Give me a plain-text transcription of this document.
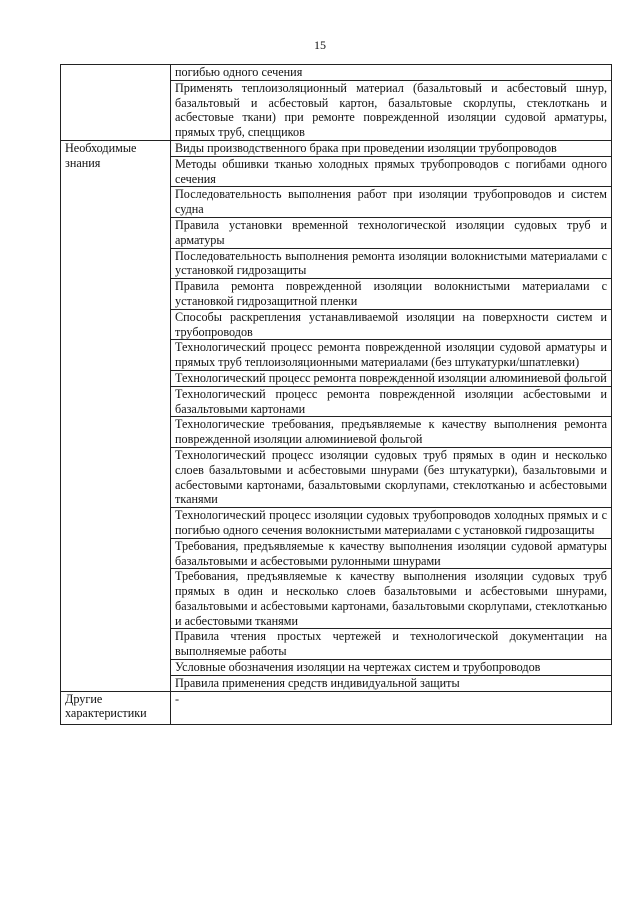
15
	погибью одного сечения
	Применять теплоизоляционный материал (базальтовый и асбестовый шнур, базальтовый и асбестовый картон, базальтовые скорлупы, стеклоткань и асбестовые ткани) при ремонте поврежденной изоляции судовой арматуры, прямых труб, спецщиков
Необходимые знания	Виды производственного брака при проведении изоляции трубопроводов
	Методы обшивки тканью холодных прямых трубопроводов с погибами одного сечения
	Последовательность выполнения работ при изоляции трубопроводов и систем судна
	Правила установки временной технологической изоляции судовых труб и арматуры
	Последовательность выполнения ремонта изоляции волокнистыми материалами с установкой гидрозащиты
	Правила ремонта поврежденной изоляции волокнистыми материалами с установкой гидрозащитной пленки
	Способы раскрепления устанавливаемой изоляции на поверхности систем и трубопроводов
	Технологический процесс ремонта поврежденной изоляции судовой арматуры и прямых труб теплоизоляционными материалами (без штукатурки/шпатлевки)
	Технологический процесс ремонта поврежденной изоляции алюминиевой фольгой
	Технологический процесс ремонта поврежденной изоляции асбестовыми и базальтовыми картонами
	Технологические требования, предъявляемые к качеству выполнения ремонта поврежденной изоляции алюминиевой фольгой
	Технологический процесс изоляции судовых труб прямых в один и несколько слоев базальтовыми и асбестовыми шнурами (без штукатурки), базальтовыми и асбестовыми картонами, базальтовыми скорлупами, стеклотканью и асбестовыми тканями
	Технологический процесс изоляции судовых трубопроводов холодных прямых и с погибью одного сечения волокнистыми материалами с установкой гидрозащиты
	Требования, предъявляемые к качеству выполнения изоляции судовой арматуры базальтовыми и асбестовыми рулонными шнурами
	Требования, предъявляемые к качеству выполнения изоляции судовых труб прямых в один и несколько слоев базальтовыми и асбестовыми шнурами, базальтовыми и асбестовыми картонами, базальтовыми скорлупами, стеклотканью и асбестовыми тканями
	Правила чтения простых чертежей и технологической документации на выполняемые работы
	Условные обозначения изоляции на чертежах систем и трубопроводов
	Правила применения средств индивидуальной защиты
Другие характеристики	-
